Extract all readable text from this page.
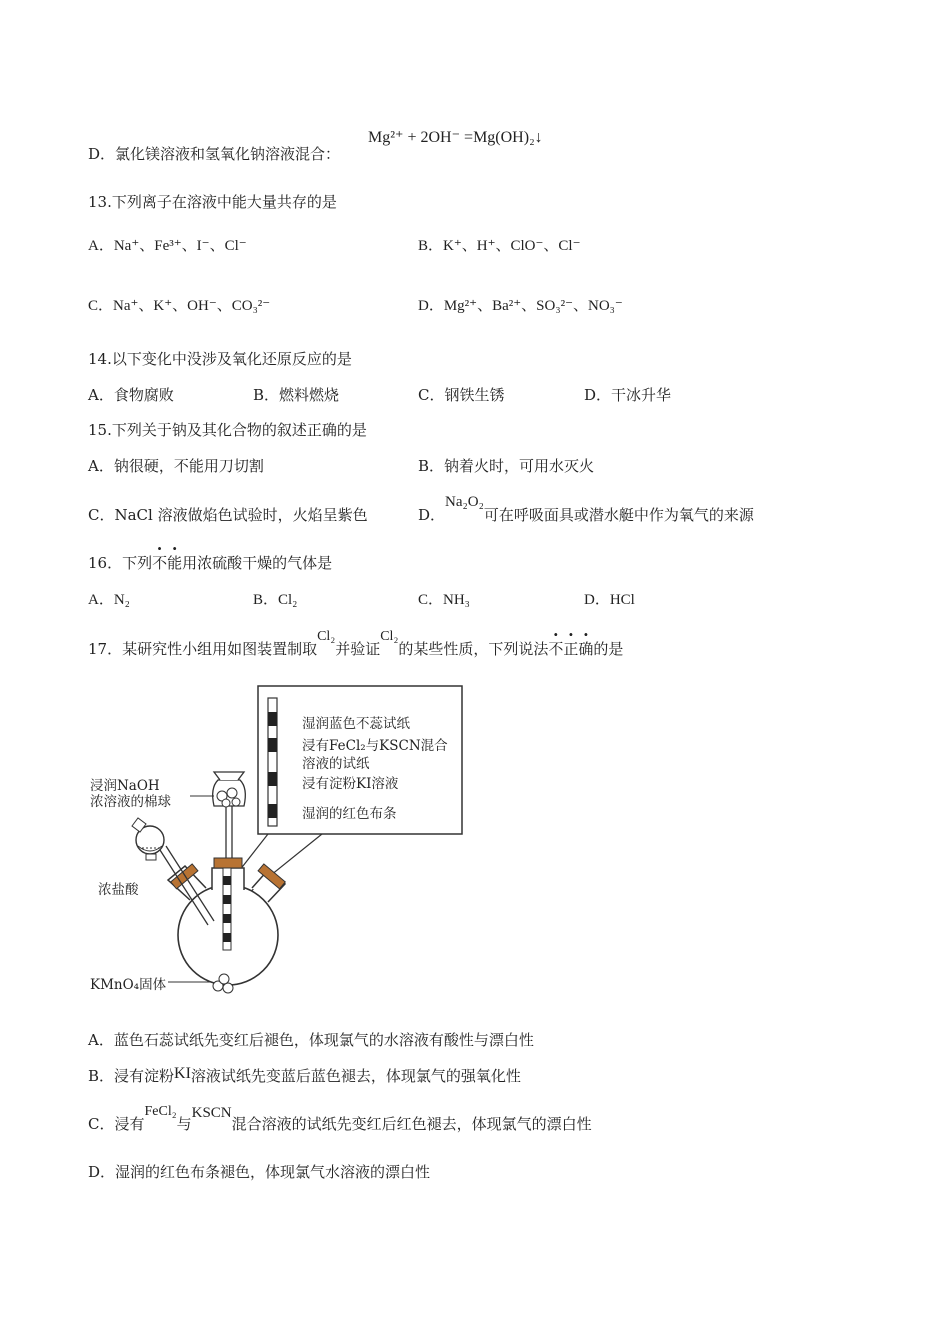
D．氯化镁溶液和氢氧化钠溶液混合：
Mg²⁺ + 2OH⁻ =Mg(OH)₂↓
13.下列离子在溶液中能大量共存的是
A．Na⁺、Fe³⁺、I⁻、Cl⁻	B．K⁺、H⁺、ClO⁻、Cl⁻
C．Na⁺、K⁺、OH⁻、CO₃²⁻	D．Mg²⁺、Ba²⁺、SO₃²⁻、NO₃⁻
14.以下变化中没涉及氧化还原反应的是
A．食物腐败	B．燃料燃烧	C．钢铁生锈	D．干冰升华
15.下列关于钠及其化合物的叙述正确的是
A．钠很硬，不能用刀切割	B．钠着火时，可用水灭火
C．NaCl 溶液做焰色试验时，火焰呈紫色	D．Na₂O₂可在呼吸面具或潜水艇中作为氧气的来源
16．下列不能用浓硫酸干燥的气体是
A．N₂	B．Cl₂	C．NH₃	D．HCl
17．某研究性小组用如图装置制取Cl₂并验证Cl₂的某些性质，下列说法不正确的是
湿润蓝色不蕊试纸
浸有FeCl₂与KSCN混合
溶液的试纸
浸有淀粉KI溶液
湿润的红色布条
浸润NaOH
浓溶液的棉球
浓盐酸
KMnO₄固体
A．蓝色石蕊试纸先变红后褪色，体现氯气的水溶液有酸性与漂白性
B．浸有淀粉KI溶液试纸先变蓝后蓝色褪去，体现氯气的强氧化性
C．浸有FeCl₂与KSCN混合溶液的试纸先变红后红色褪去，体现氯气的漂白性
D．湿润的红色布条褪色，体现氯气水溶液的漂白性
